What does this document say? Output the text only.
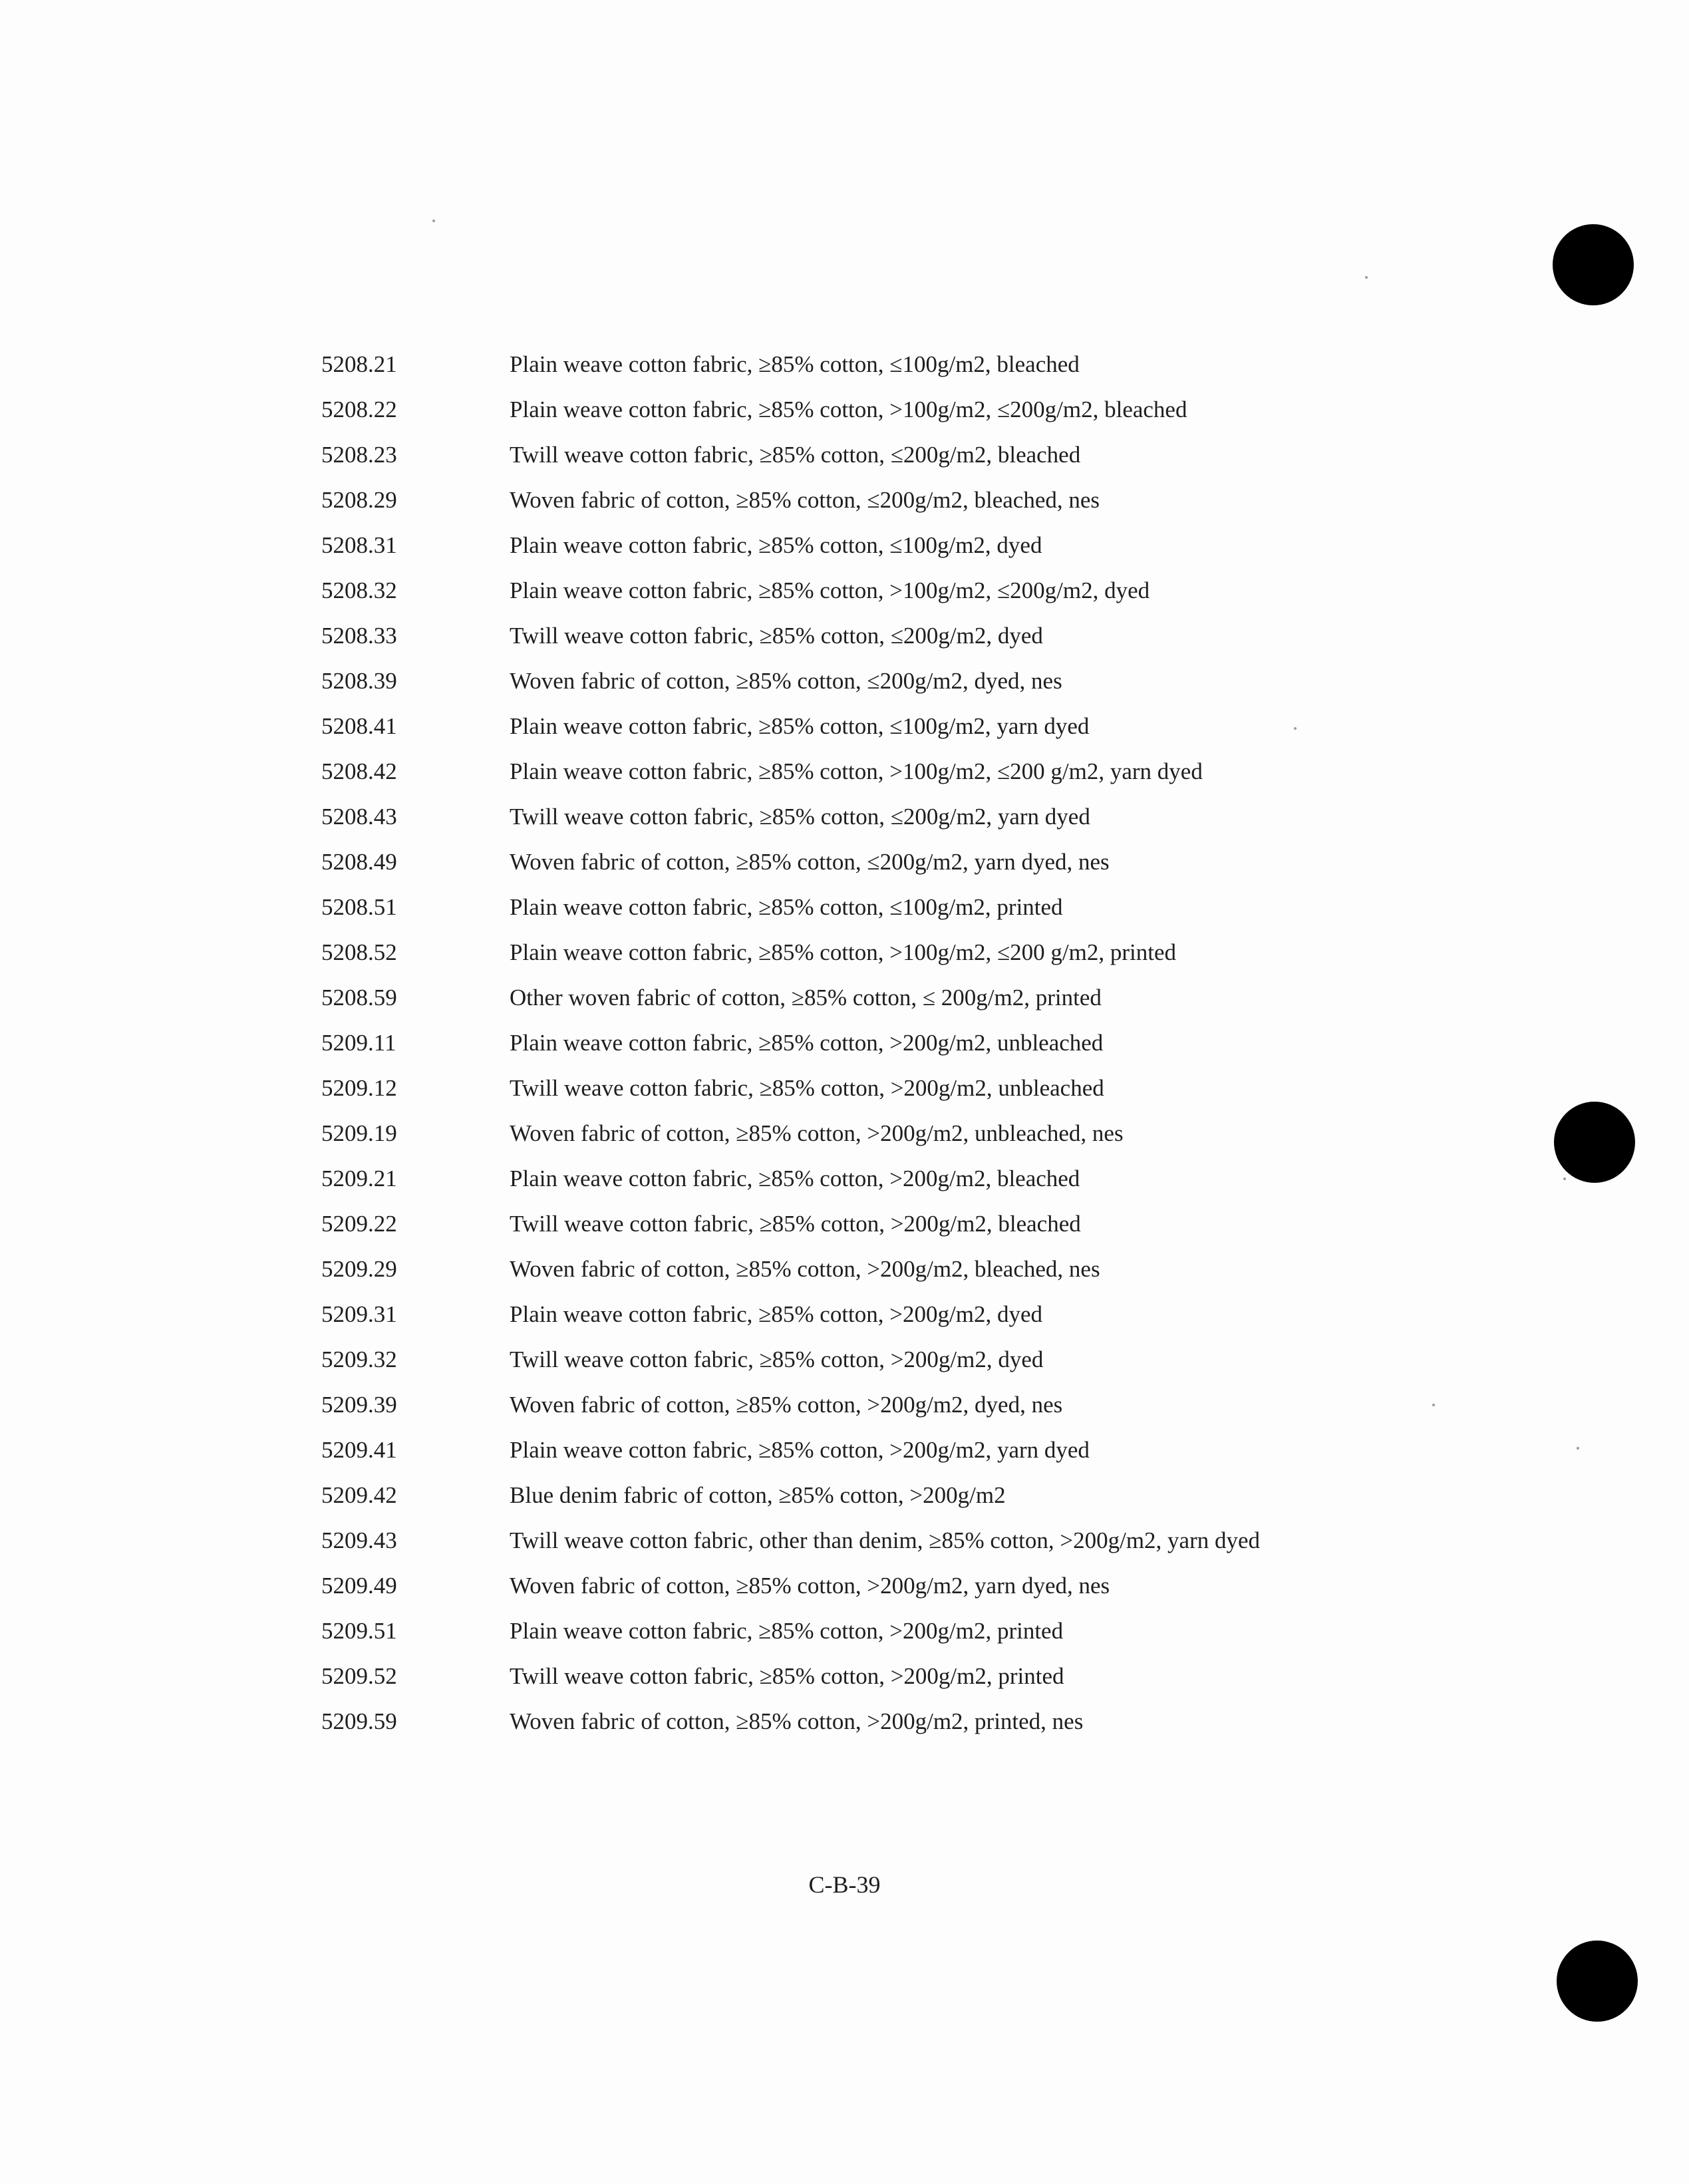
5208.21	Plain weave cotton fabric, ≥85% cotton, ≤100g/m2, bleached
5208.22	Plain weave cotton fabric, ≥85% cotton, >100g/m2, ≤200g/m2, bleached
5208.23	Twill weave cotton fabric, ≥85% cotton, ≤200g/m2, bleached
5208.29	Woven fabric of cotton, ≥85% cotton, ≤200g/m2, bleached, nes
5208.31	Plain weave cotton fabric, ≥85% cotton, ≤100g/m2, dyed
5208.32	Plain weave cotton fabric, ≥85% cotton, >100g/m2, ≤200g/m2, dyed
5208.33	Twill weave cotton fabric, ≥85% cotton, ≤200g/m2, dyed
5208.39	Woven fabric of cotton, ≥85% cotton, ≤200g/m2, dyed, nes
5208.41	Plain weave cotton fabric, ≥85% cotton, ≤100g/m2, yarn dyed
5208.42	Plain weave cotton fabric, ≥85% cotton, >100g/m2, ≤200 g/m2, yarn dyed
5208.43	Twill weave cotton fabric, ≥85% cotton, ≤200g/m2, yarn dyed
5208.49	Woven fabric of cotton, ≥85% cotton, ≤200g/m2, yarn dyed, nes
5208.51	Plain weave cotton fabric, ≥85% cotton, ≤100g/m2, printed
5208.52	Plain weave cotton fabric, ≥85% cotton, >100g/m2, ≤200 g/m2, printed
5208.59	Other woven fabric of cotton, ≥85% cotton, ≤ 200g/m2, printed
5209.11	Plain weave cotton fabric, ≥85% cotton, >200g/m2, unbleached
5209.12	Twill weave cotton fabric, ≥85% cotton, >200g/m2, unbleached
5209.19	Woven fabric of cotton, ≥85% cotton, >200g/m2, unbleached, nes
5209.21	Plain weave cotton fabric, ≥85% cotton, >200g/m2, bleached
5209.22	Twill weave cotton fabric, ≥85% cotton, >200g/m2, bleached
5209.29	Woven fabric of cotton, ≥85% cotton, >200g/m2, bleached, nes
5209.31	Plain weave cotton fabric, ≥85% cotton, >200g/m2, dyed
5209.32	Twill weave cotton fabric, ≥85% cotton, >200g/m2, dyed
5209.39	Woven fabric of cotton, ≥85% cotton, >200g/m2, dyed, nes
5209.41	Plain weave cotton fabric, ≥85% cotton, >200g/m2, yarn dyed
5209.42	Blue denim fabric of cotton, ≥85% cotton, >200g/m2
5209.43	Twill weave cotton fabric, other than denim, ≥85% cotton, >200g/m2, yarn dyed
5209.49	Woven fabric of cotton, ≥85% cotton, >200g/m2, yarn dyed, nes
5209.51	Plain weave cotton fabric, ≥85% cotton, >200g/m2, printed
5209.52	Twill weave cotton fabric, ≥85% cotton, >200g/m2, printed
5209.59	Woven fabric of cotton, ≥85% cotton, >200g/m2, printed, nes
C-B-39
